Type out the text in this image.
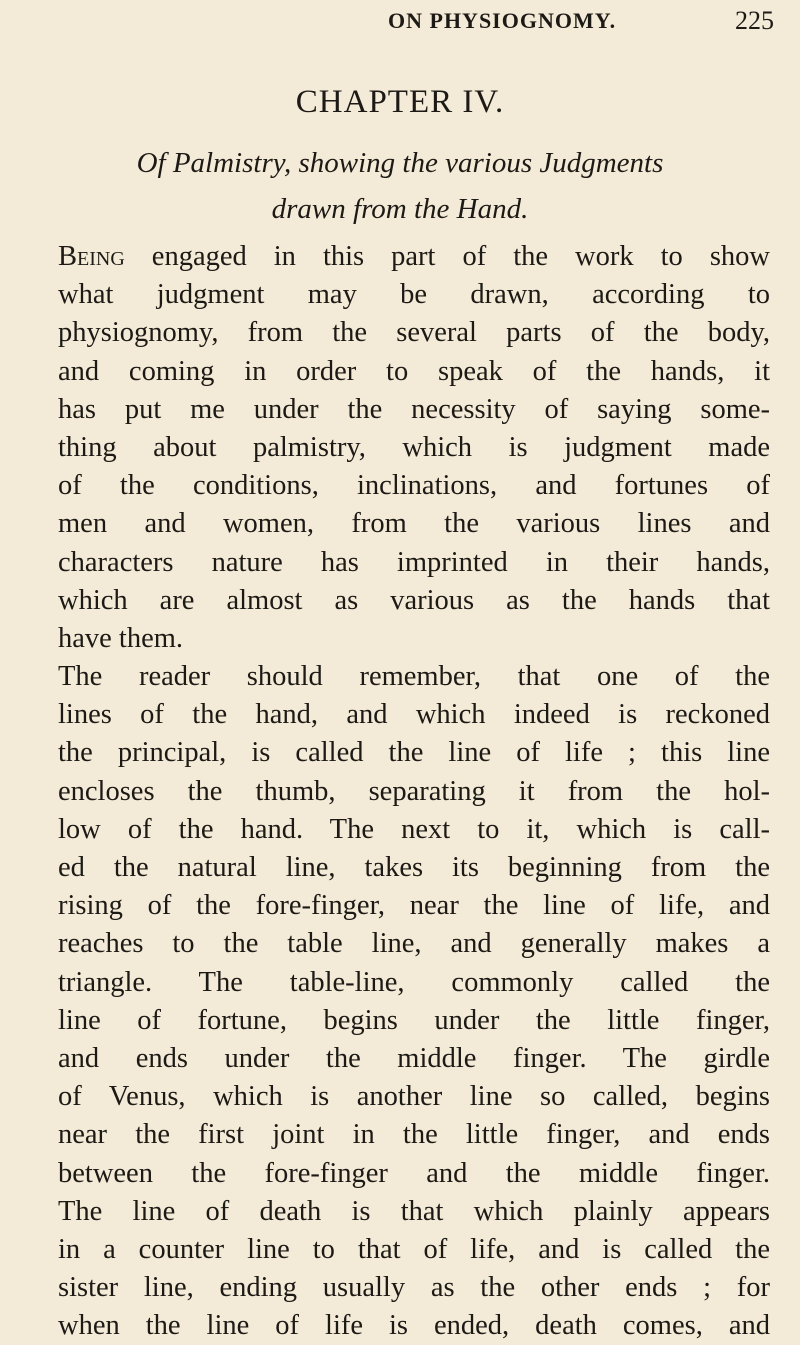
ON PHYSIOGNOMY.	225
CHAPTER IV.
Of Palmistry, showing the various Judgments
drawn from the Hand.
Being engaged in this part of the work to show
what judgment may be drawn, according to
physiognomy, from the several parts of the body,
and coming in order to speak of the hands, it
has put me under the necessity of saying some-
thing about palmistry, which is judgment made
of the conditions, inclinations, and fortunes of
men and women, from the various lines and
characters nature has imprinted in their hands,
which are almost as various as the hands that
have them.
The reader should remember, that one of the
lines of the hand, and which indeed is reckoned
the principal, is called the line of life ; this line
encloses the thumb, separating it from the hol-
low of the hand. The next to it, which is call-
ed the natural line, takes its beginning from the
rising of the fore-finger, near the line of life, and
reaches to the table line, and generally makes a
triangle. The table-line, commonly called the
line of fortune, begins under the little finger,
and ends under the middle finger. The girdle
of Venus, which is another line so called, begins
near the first joint in the little finger, and ends
between the fore-finger and the middle finger.
The line of death is that which plainly appears
in a counter line to that of life, and is called the
sister line, ending usually as the other ends ; for
when the line of life is ended, death comes, and
